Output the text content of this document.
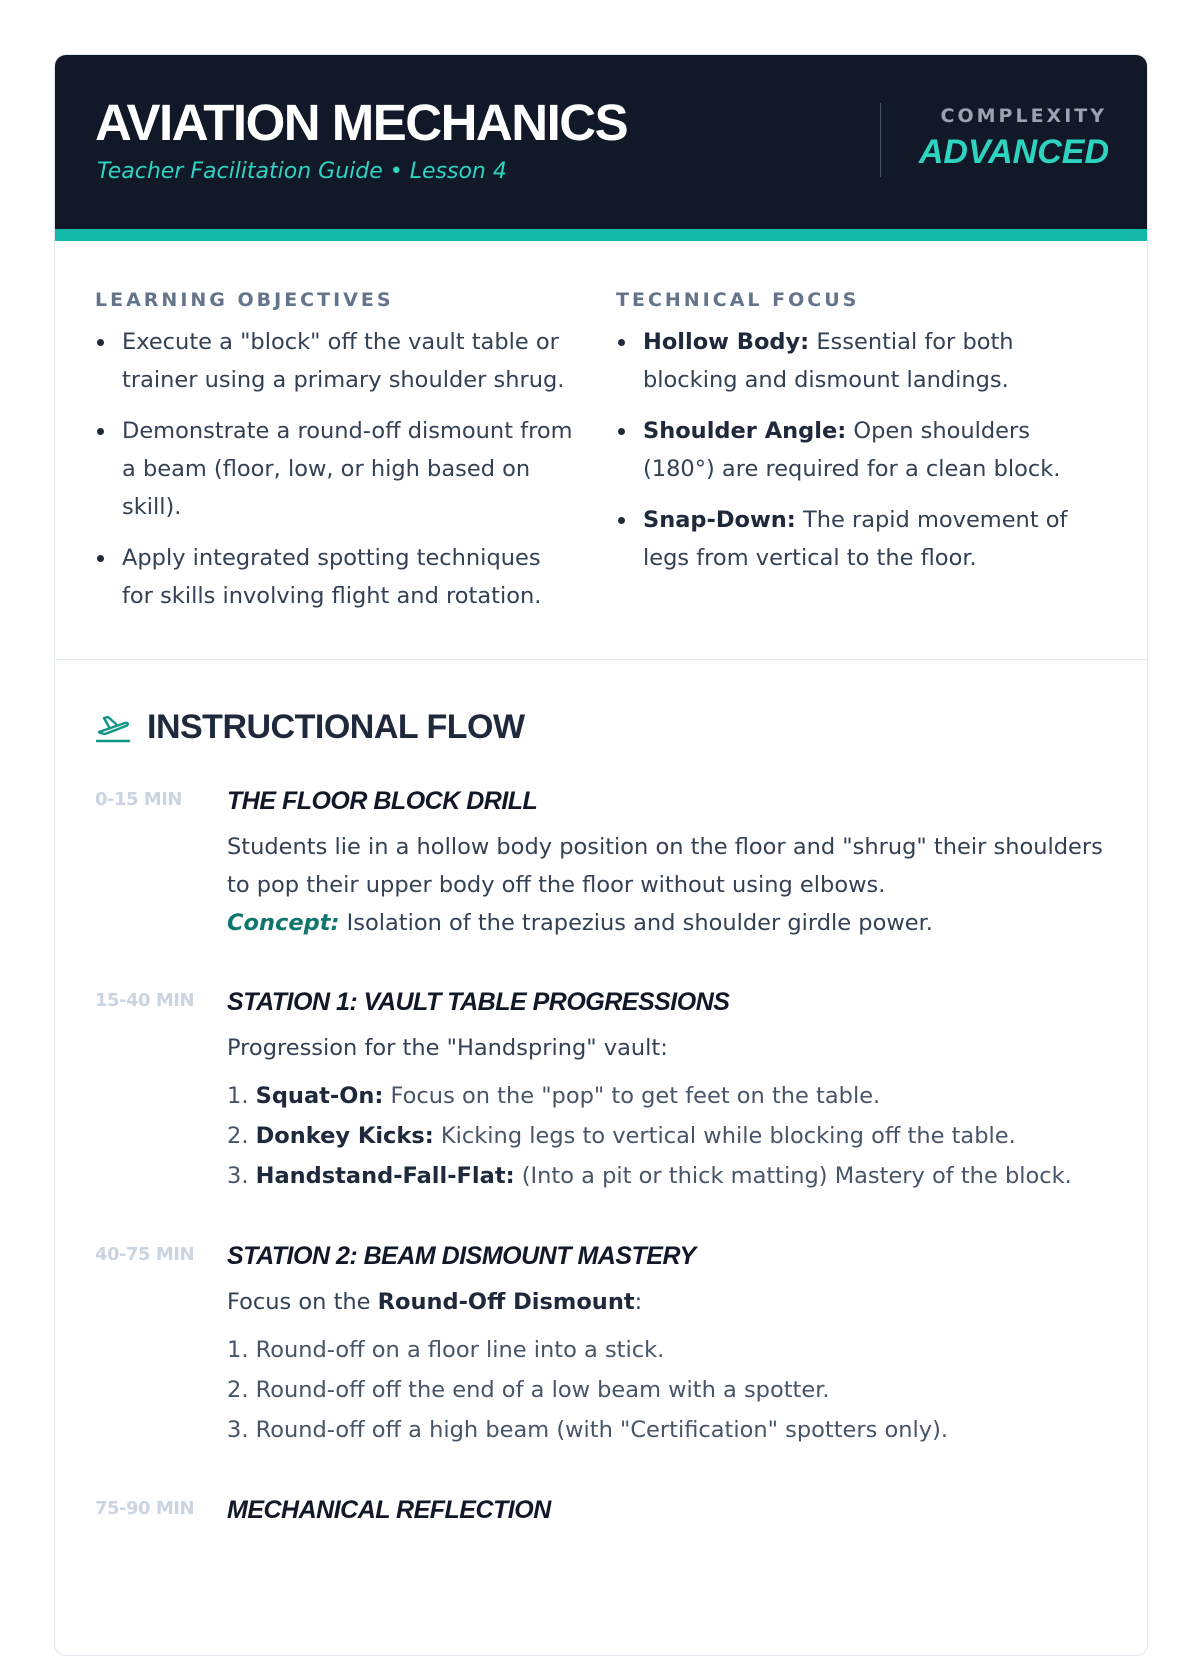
AVIATION MECHANICS

Teacher Facilitation Guide • Lesson 4

COMPLEXITY
ADVANCED
LEARNING OBJECTIVES
Execute a "block" off the vault table or trainer using a primary shoulder shrug.
Demonstrate a round-off dismount from a beam (floor, low, or high based on skill).
Apply integrated spotting techniques for skills involving flight and rotation.
TECHNICAL FOCUS
Hollow Body: Essential for both blocking and dismount landings.
Shoulder Angle: Open shoulders (180°) are required for a clean block.
Snap-Down: The rapid movement of legs from vertical to the floor.
INSTRUCTIONAL FLOW
0-15 MIN	THE FLOOR BLOCK DRILL

Students lie in a hollow body position on the floor and "shrug" their shoulders to pop their upper body off the floor without using elbows.
Concept: Isolation of the trapezius and shoulder girdle power.

15-40 MIN	STATION 1: VAULT TABLE PROGRESSIONS

Progression for the "Handspring" vault:

1. Squat-On: Focus on the "pop" to get feet on the table.
2. Donkey Kicks: Kicking legs to vertical while blocking off the table.
3. Handstand-Fall-Flat: (Into a pit or thick matting) Mastery of the block.
40-75 MIN	STATION 2: BEAM DISMOUNT MASTERY

Focus on the Round-Off Dismount:

1. Round-off on a floor line into a stick.
2. Round-off off the end of a low beam with a spotter.
3. Round-off off a high beam (with "Certification" spotters only).
75-90 MIN	MECHANICAL REFLECTION
